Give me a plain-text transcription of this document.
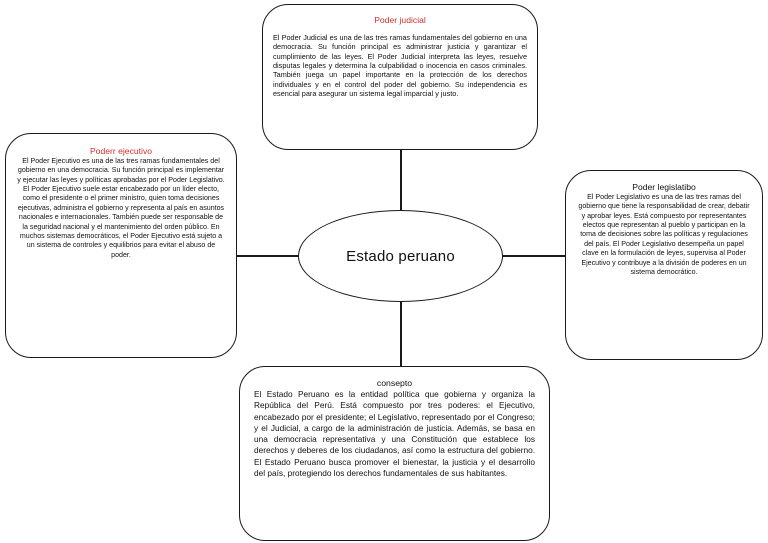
Poder judicial
El Poder Judicial es una de las tres ramas fundamentales del gobierno en una democracia. Su función principal es administrar justicia y garantizar el cumplimiento de las leyes. El Poder Judicial interpreta las leyes, resuelve disputas legales y determina la culpabilidad o inocencia en casos criminales. También juega un papel importante en la protección de los derechos individuales y en el control del poder del gobierno. Su independencia es esencial para asegurar un sistema legal imparcial y justo.
Poderr ejecutivo
El Poder Ejecutivo es una de las tres ramas fundamentales del gobierno en una democracia. Su función principal es implementar y ejecutar las leyes y políticas aprobadas por el Poder Legislativo. El Poder Ejecutivo suele estar encabezado por un líder electo, como el presidente o el primer ministro, quien toma decisiones ejecutivas, administra el gobierno y representa al país en asuntos nacionales e internacionales. También puede ser responsable de la seguridad nacional y el mantenimiento del orden público. En muchos sistemas democráticos, el Poder Ejecutivo está sujeto a un sistema de controles y equilibrios para evitar el abuso de poder.
Poder legislatibo
El Poder Legislativo es una de las tres ramas del gobierno que tiene la responsabilidad de crear, debatir y aprobar leyes. Está compuesto por representantes electos que representan al pueblo y participan en la toma de decisiones sobre las políticas y regulaciones del país. El Poder Legislativo desempeña un papel clave en la formulación de leyes, supervisa al Poder Ejecutivo y contribuye a la división de poderes en un sistema democrático.
consepto
El Estado Peruano es la entidad política que gobierna y organiza la República del Perú. Está compuesto por tres poderes: el Ejecutivo, encabezado por el presidente; el Legislativo, representado por el Congreso; y el Judicial, a cargo de la administración de justicia. Además, se basa en una democracia representativa y una Constitución que establece los derechos y deberes de los ciudadanos, así como la estructura del gobierno. El Estado Peruano busca promover el bienestar, la justicia y el desarrollo del país, protegiendo los derechos fundamentales de sus habitantes.
Estado peruano
